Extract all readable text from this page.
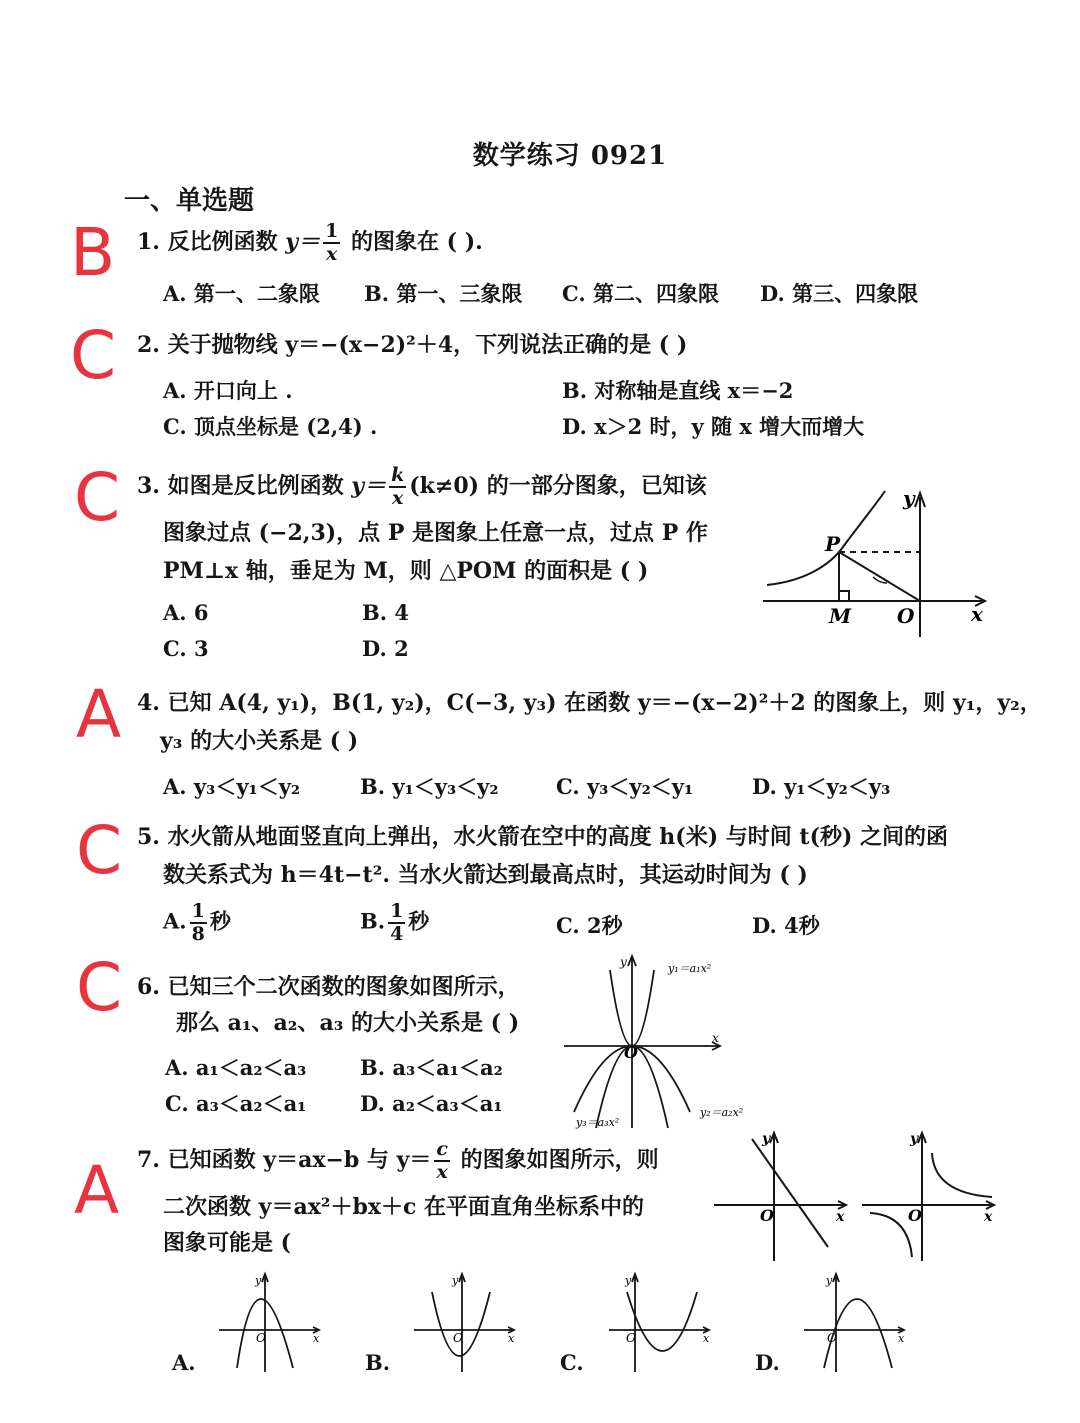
数学练习 0921
一、单选题
B
C
C
A
C
C
A
1. 反比例函数 $y= \frac{1}{x}$ 的图象在 ( ).
A. 第一、二象限 B. 第一、三象限 C. 第二、四象限 D. 第三、四象限
2. 关于抛物线 y＝−(x−2)²＋4，下列说法正确的是 ( )
A. 开口向上 .	B. 对称轴是直线 x＝−2
C. 顶点坐标是 (2,4) .	D. x＞2 时，y 随 x 增大而增大
3. 如图是反比例函数 $y= \frac{k}{x} (k\ne 0)$ 的一部分图象，已知该
图象过点 (−2,3)，点 P 是图象上任意一点，过点 P 作
PM⊥x 轴，垂足为 M，则 △POM 的面积是 ( )
A. 6	B. 4
C. 3	D. 2
y
x
P
M O
4. 已知 A(4, y₁)，B(1, y₂)，C(−3, y₃) 在函数 y＝−(x−2)²＋2 的图象上，则 y₁，y₂，
y₃ 的大小关系是 ( )
A. y₃＜y₁＜y₂	B. y₁＜y₃＜y₂	C. y₃＜y₂＜y₁	D. y₁＜y₂＜y₃
5. 水火箭从地面竖直向上弹出，水火箭在空中的高度 h(米) 与时间 t(秒) 之间的函
数关系式为 h＝4t−t². 当水火箭达到最高点时，其运动时间为 ( )
A. $\frac{1}{8}$ 秒	B. $\frac{1}{4}$ 秒	C. 2秒	D. 4秒
6. 已知三个二次函数的图象如图所示，
那么 a₁、a₂、a₃ 的大小关系是 ( )
A. a₁＜a₂＜a₃	B. a₃＜a₁＜a₂
C. a₃＜a₂＜a₁	D. a₂＜a₃＜a₁
y
x
O
y₁＝a₁x²
y₂＝a₂x²
y₃＝a₃x²
7. 已知函数 y＝ax−b 与 $y= \frac{c}{x}$ 的图象如图所示，则
二次函数 y＝ax²＋bx＋c 在平面直角坐标系中的
图象可能是 (
y
x
O
y
x
O
A.
y
x
O
B.
y
x
O
C.
y
x
O
D.
y
x
O
